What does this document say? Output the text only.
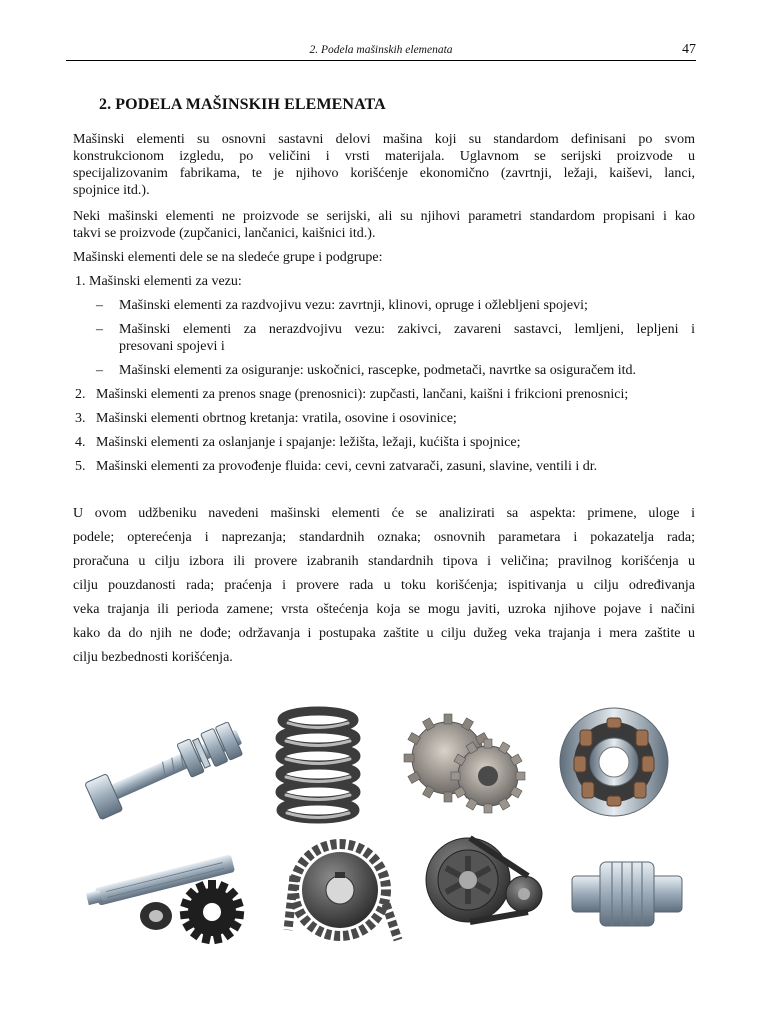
2. Podela mašinskih elemenata	47
2. PODELA MAŠINSKIH ELEMENATA
Mašinski elementi su osnovni sastavni delovi mašina koji su standardom definisani po svom
konstrukcionom izgledu, po veličini i vrsti materijala. Uglavnom se serijski proizvode u
specijalizovanim fabrikama, te je njihovo korišćenje ekonomično (zavrtnji, ležaji, kaiševi, lanci,
spojnice itd.).
Neki mašinski elementi ne proizvode se serijski, ali su njihovi parametri standardom propisani i kao
takvi se proizvode (zupčanici, lančanici, kaišnici itd.).
Mašinski elementi dele se na sledeće grupe i podgrupe:
1. Mašinski elementi za vezu:
– Mašinski elementi za razdvojivu vezu: zavrtnji, klinovi, opruge i ožlebljeni spojevi;
– Mašinski elementi za nerazdvojivu vezu: zakivci, zavareni sastavci, lemljeni, lepljeni i
presovani spojevi i
– Mašinski elementi za osiguranje: uskočnici, rascepke, podmetači, navrtke sa osiguračem itd.
2. Mašinski elementi za prenos snage (prenosnici): zupčasti, lančani, kaišni i frikcioni prenosnici;
3. Mašinski elementi obrtnog kretanja: vratila, osovine i osovinice;
4. Mašinski elementi za oslanjanje i spajanje: ležišta, ležaji, kućišta i spojnice;
5. Mašinski elementi za provođenje fluida: cevi, cevni zatvarači, zasuni, slavine, ventili i dr.
U ovom udžbeniku navedeni mašinski elementi će se analizirati sa aspekta: primene, uloge i
podele; opterećenja i naprezanja; standardnih oznaka; osnovnih parametara i pokazatelja rada;
proračuna u cilju izbora ili provere izabranih standardnih tipova i veličina; pravilnog korišćenja u
cilju pouzdanosti rada; praćenja i provere rada u toku korišćenja; ispitivanja u cilju određivanja
veka trajanja ili perioda zamene; vrsta oštećenja koja se mogu javiti, uzroka njihove pojave i načini
kako da do njih ne dođe; održavanja i postupaka zaštite u cilju dužeg veka trajanja i mera zaštite u
cilju bezbednosti korišćenja.
